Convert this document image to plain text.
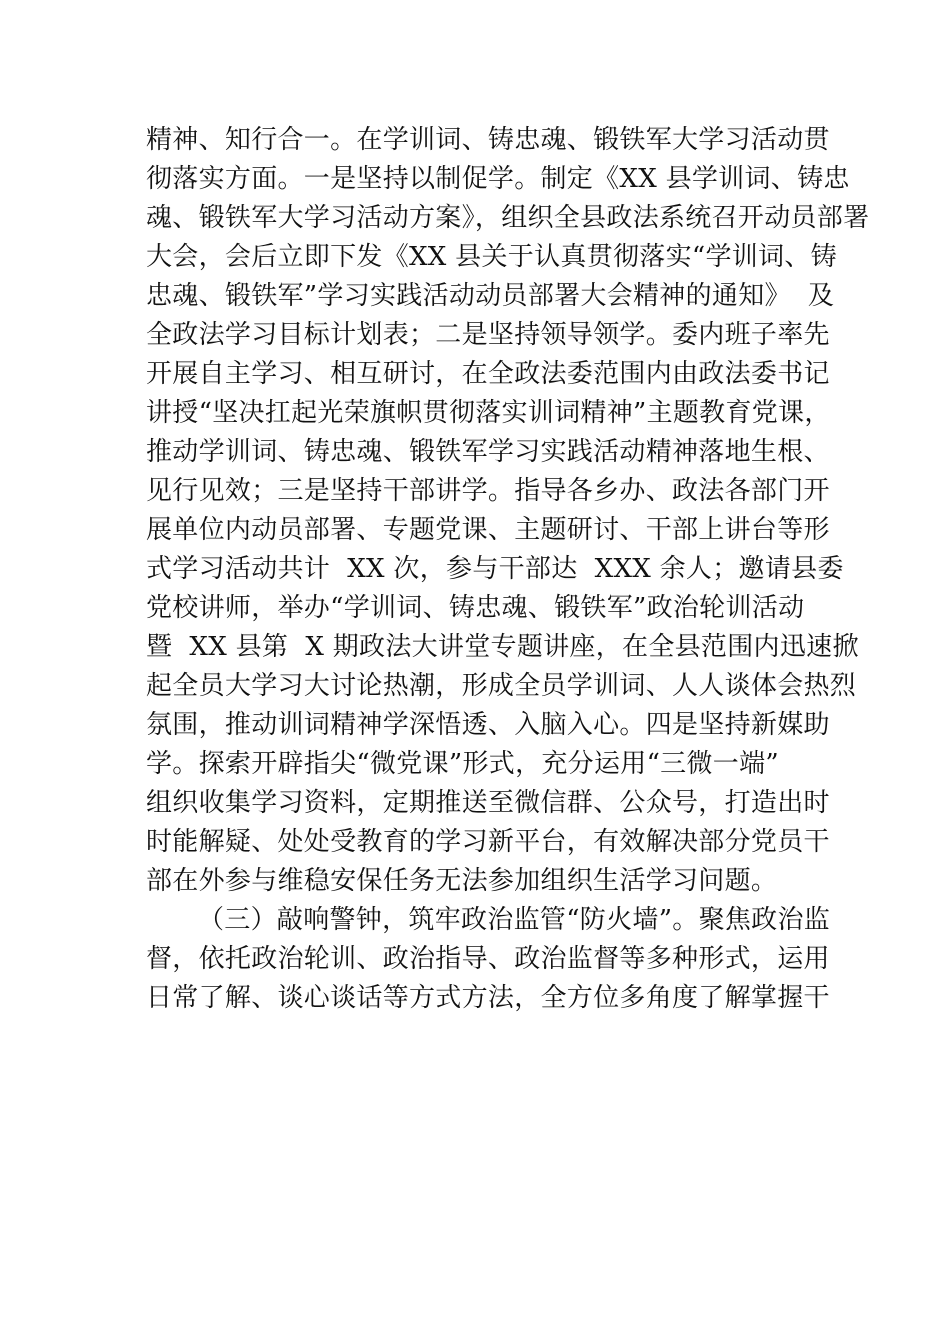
精神、知行合一。在学训词、铸忠魂、锻铁军大学习活动贯
彻落实方面。一是坚持以制促学。制定《XX 县学训词、铸忠
魂、锻铁军大学习活动方案》，组织全县政法系统召开动员部署
大会，会后立即下发《XX 县关于认真贯彻落实“学训词、铸
忠魂、锻铁军”学习实践活动动员部署大会精神的通知》  及
全政法学习目标计划表；二是坚持领导领学。委内班子率先
开展自主学习、相互研讨，在全政法委范围内由政法委书记
讲授“坚决扛起光荣旗帜贯彻落实训词精神”主题教育党课，
推动学训词、铸忠魂、锻铁军学习实践活动精神落地生根、
见行见效；三是坚持干部讲学。指导各乡办、政法各部门开
展单位内动员部署、专题党课、主题研讨、干部上讲台等形
式学习活动共计  XX 次，参与干部达  XXX 余人；邀请县委
党校讲师，举办“学训词、铸忠魂、锻铁军”政治轮训活动
暨  XX 县第  X 期政法大讲堂专题讲座，在全县范围内迅速掀
起全员大学习大讨论热潮，形成全员学训词、人人谈体会热烈
氛围，推动训词精神学深悟透、入脑入心。四是坚持新媒助
学。探索开辟指尖“微党课”形式，充分运用“三微一端”
组织收集学习资料，定期推送至微信群、公众号，打造出时
时能解疑、处处受教育的学习新平台，有效解决部分党员干
部在外参与维稳安保任务无法参加组织生活学习问题。
（三）敲响警钟，筑牢政治监管“防火墙”。聚焦政治监
督，依托政治轮训、政治指导、政治监督等多种形式，运用
日常了解、谈心谈话等方式方法，全方位多角度了解掌握干
